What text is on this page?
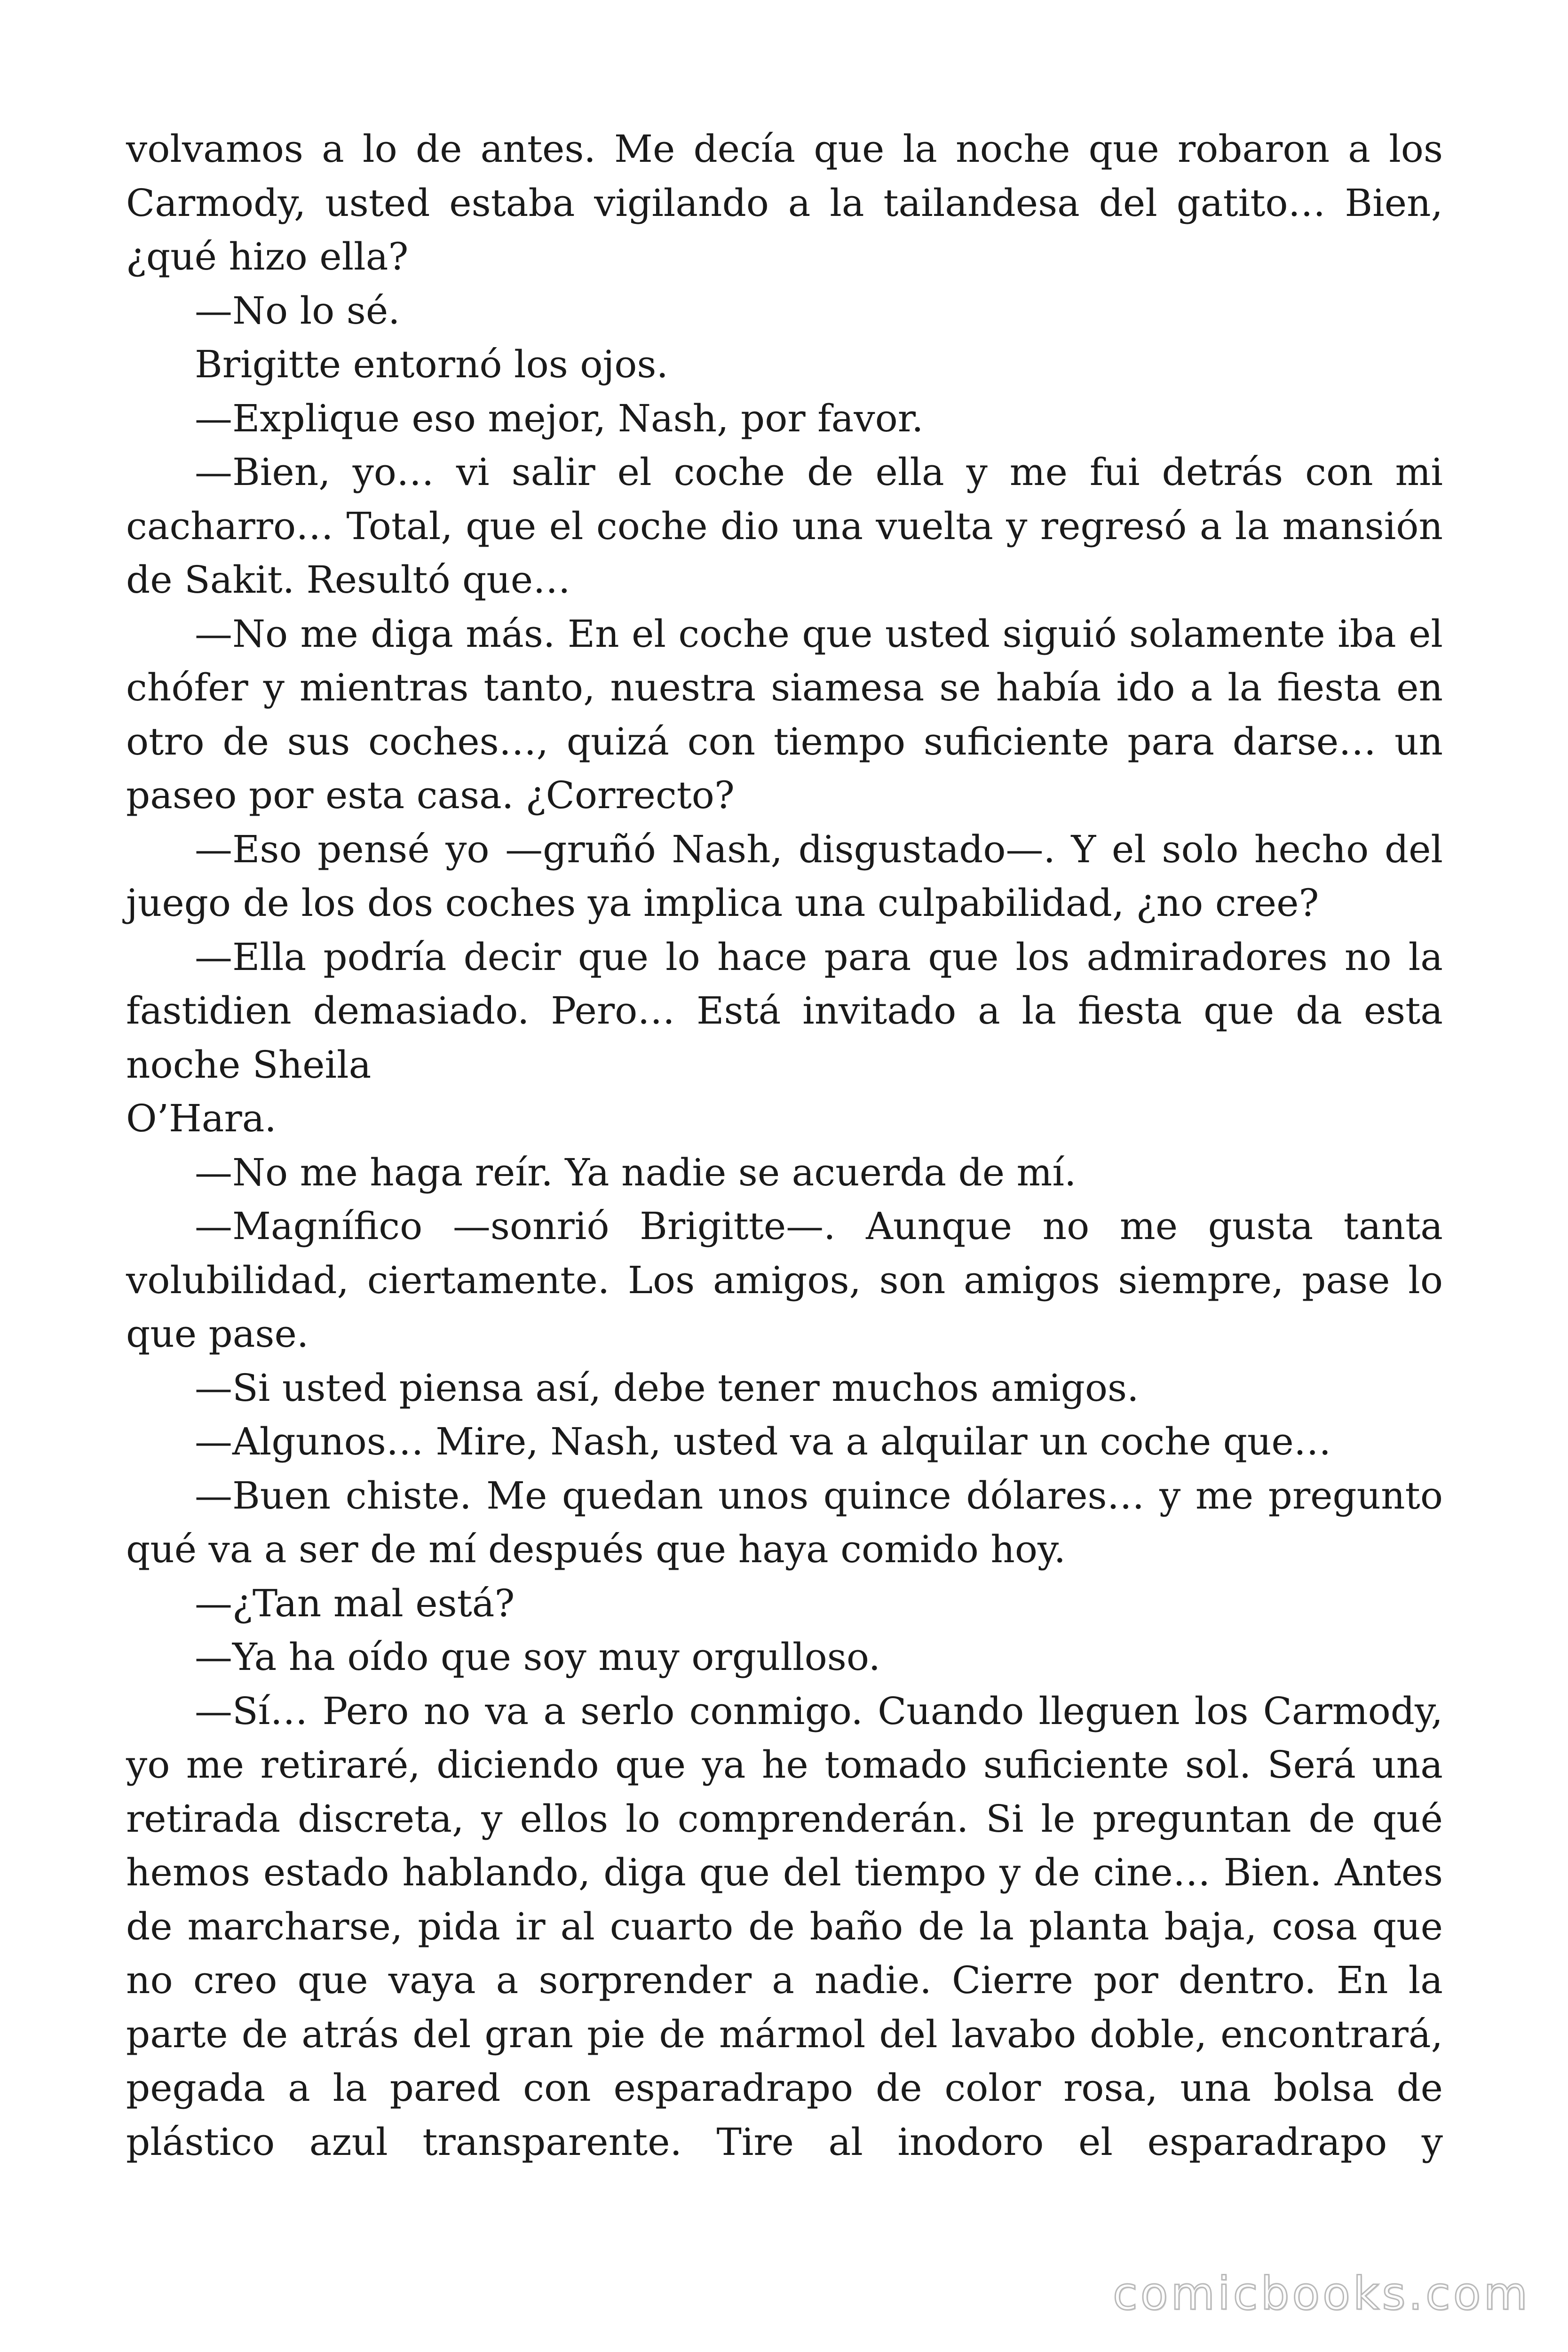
volvamos a lo de antes. Me decía que la noche que robaron a los Carmody, usted estaba vigilando a la tailandesa del gatito… Bien, ¿qué hizo ella?

—No lo sé.

Brigitte entornó los ojos.

—Explique eso mejor, Nash, por favor.

—Bien, yo… vi salir el coche de ella y me fui detrás con mi cacharro… Total, que el coche dio una vuelta y regresó a la mansión de Sakit. Resultó que…

—No me diga más. En el coche que usted siguió solamente iba el chófer y mientras tanto, nuestra siamesa se había ido a la fiesta en otro de sus coches…, quizá con tiempo suficiente para darse… un paseo por esta casa. ¿Correcto?

—Eso pensé yo —gruñó Nash, disgustado—. Y el solo hecho del juego de los dos coches ya implica una culpabilidad, ¿no cree?

—Ella podría decir que lo hace para que los admiradores no la fastidien demasiado. Pero… Está invitado a la fiesta que da esta noche Sheila

O’Hara.

—No me haga reír. Ya nadie se acuerda de mí.

—Magnífico —sonrió Brigitte—. Aunque no me gusta tanta volubilidad, ciertamente. Los amigos, son amigos siempre, pase lo que pase.

—Si usted piensa así, debe tener muchos amigos.

—Algunos… Mire, Nash, usted va a alquilar un coche que…

—Buen chiste. Me quedan unos quince dólares… y me pregunto qué va a ser de mí después que haya comido hoy.

—¿Tan mal está?

—Ya ha oído que soy muy orgulloso.

—Sí… Pero no va a serlo conmigo. Cuando lleguen los Carmody, yo me retiraré, diciendo que ya he tomado suficiente sol. Será una retirada discreta, y ellos lo comprenderán. Si le preguntan de qué hemos estado hablando, diga que del tiempo y de cine… Bien. Antes de marcharse, pida ir al cuarto de baño de la planta baja, cosa que no creo que vaya a sorprender a nadie. Cierre por dentro. En la parte de atrás del gran pie de mármol del lavabo doble, encontrará, pegada a la pared con esparadrapo de color rosa, una bolsa de plástico azul transparente. Tire al inodoro el esparadrapo y

comicbooks.com
